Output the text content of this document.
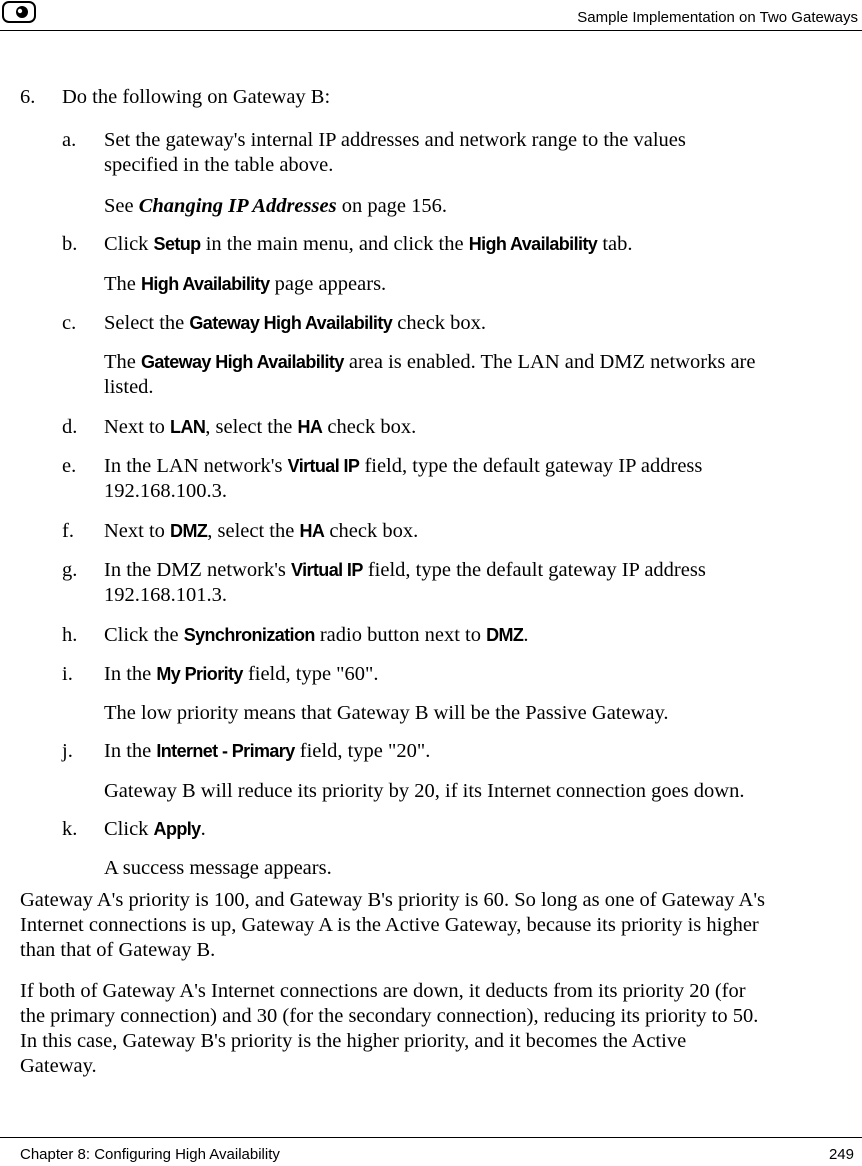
Sample Implementation on Two Gateways
6. Do the following on Gateway B:
a. Set the gateway's internal IP addresses and network range to the values
specified in the table above.
See Changing IP Addresses on page 156.
b. Click Setup in the main menu, and click the High Availability tab.
The High Availability page appears.
c. Select the Gateway High Availability check box.
The Gateway High Availability area is enabled. The LAN and DMZ networks are
listed.
d. Next to LAN, select the HA check box.
e. In the LAN network's Virtual IP field, type the default gateway IP address
192.168.100.3.
f. Next to DMZ, select the HA check box.
g. In the DMZ network's Virtual IP field, type the default gateway IP address
192.168.101.3.
h. Click the Synchronization radio button next to DMZ.
i. In the My Priority field, type "60".
The low priority means that Gateway B will be the Passive Gateway.
j. In the Internet - Primary field, type "20".
Gateway B will reduce its priority by 20, if its Internet connection goes down.
k. Click Apply.
A success message appears.
Gateway A's priority is 100, and Gateway B's priority is 60. So long as one of Gateway A's
Internet connections is up, Gateway A is the Active Gateway, because its priority is higher
than that of Gateway B.
If both of Gateway A's Internet connections are down, it deducts from its priority 20 (for
the primary connection) and 30 (for the secondary connection), reducing its priority to 50.
In this case, Gateway B's priority is the higher priority, and it becomes the Active
Gateway.
Chapter 8: Configuring High Availability	249
